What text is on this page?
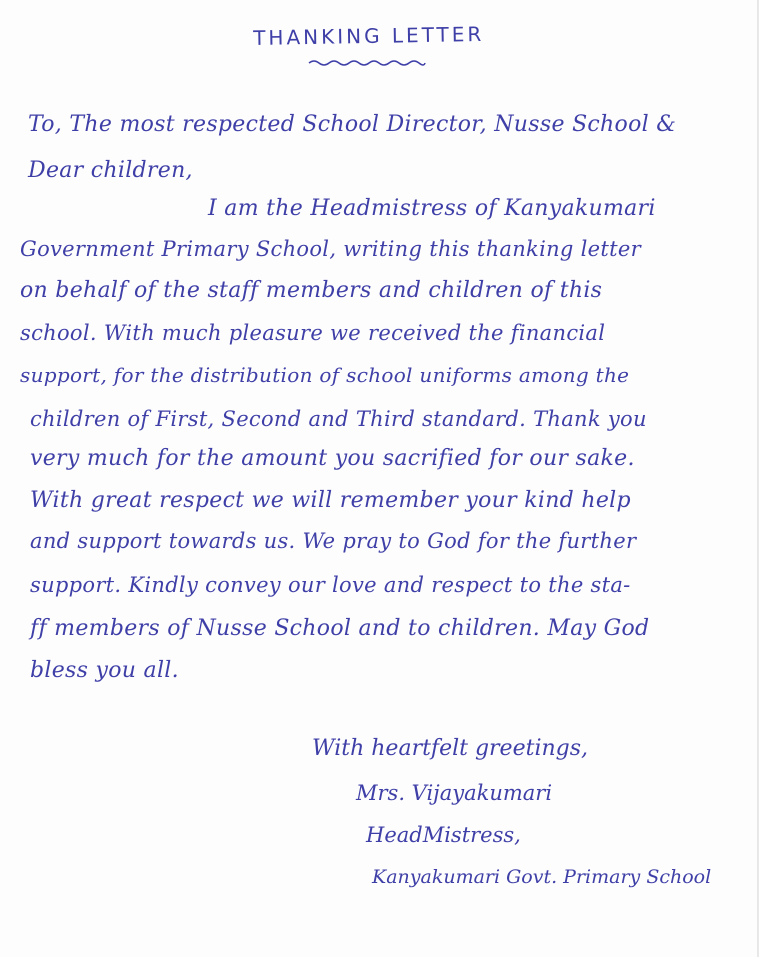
THANKING LETTER
To, The most respected School Director, Nusse School &
Dear children,
I am the Headmistress of Kanyakumari
Government Primary School, writing this thanking letter
on behalf of the staff members and children of this
school. With much pleasure we received the financial
support, for the distribution of school uniforms among the
children of First, Second and Third standard. Thank you
very much for the amount you sacrified for our sake.
With great respect we will remember your kind help
and support towards us. We pray to God for the further
support. Kindly convey our love and respect to the sta-
ff members of Nusse School and to children. May God
bless you all.
With heartfelt greetings,
Mrs. Vijayakumari
HeadMistress,
Kanyakumari Govt. Primary School
